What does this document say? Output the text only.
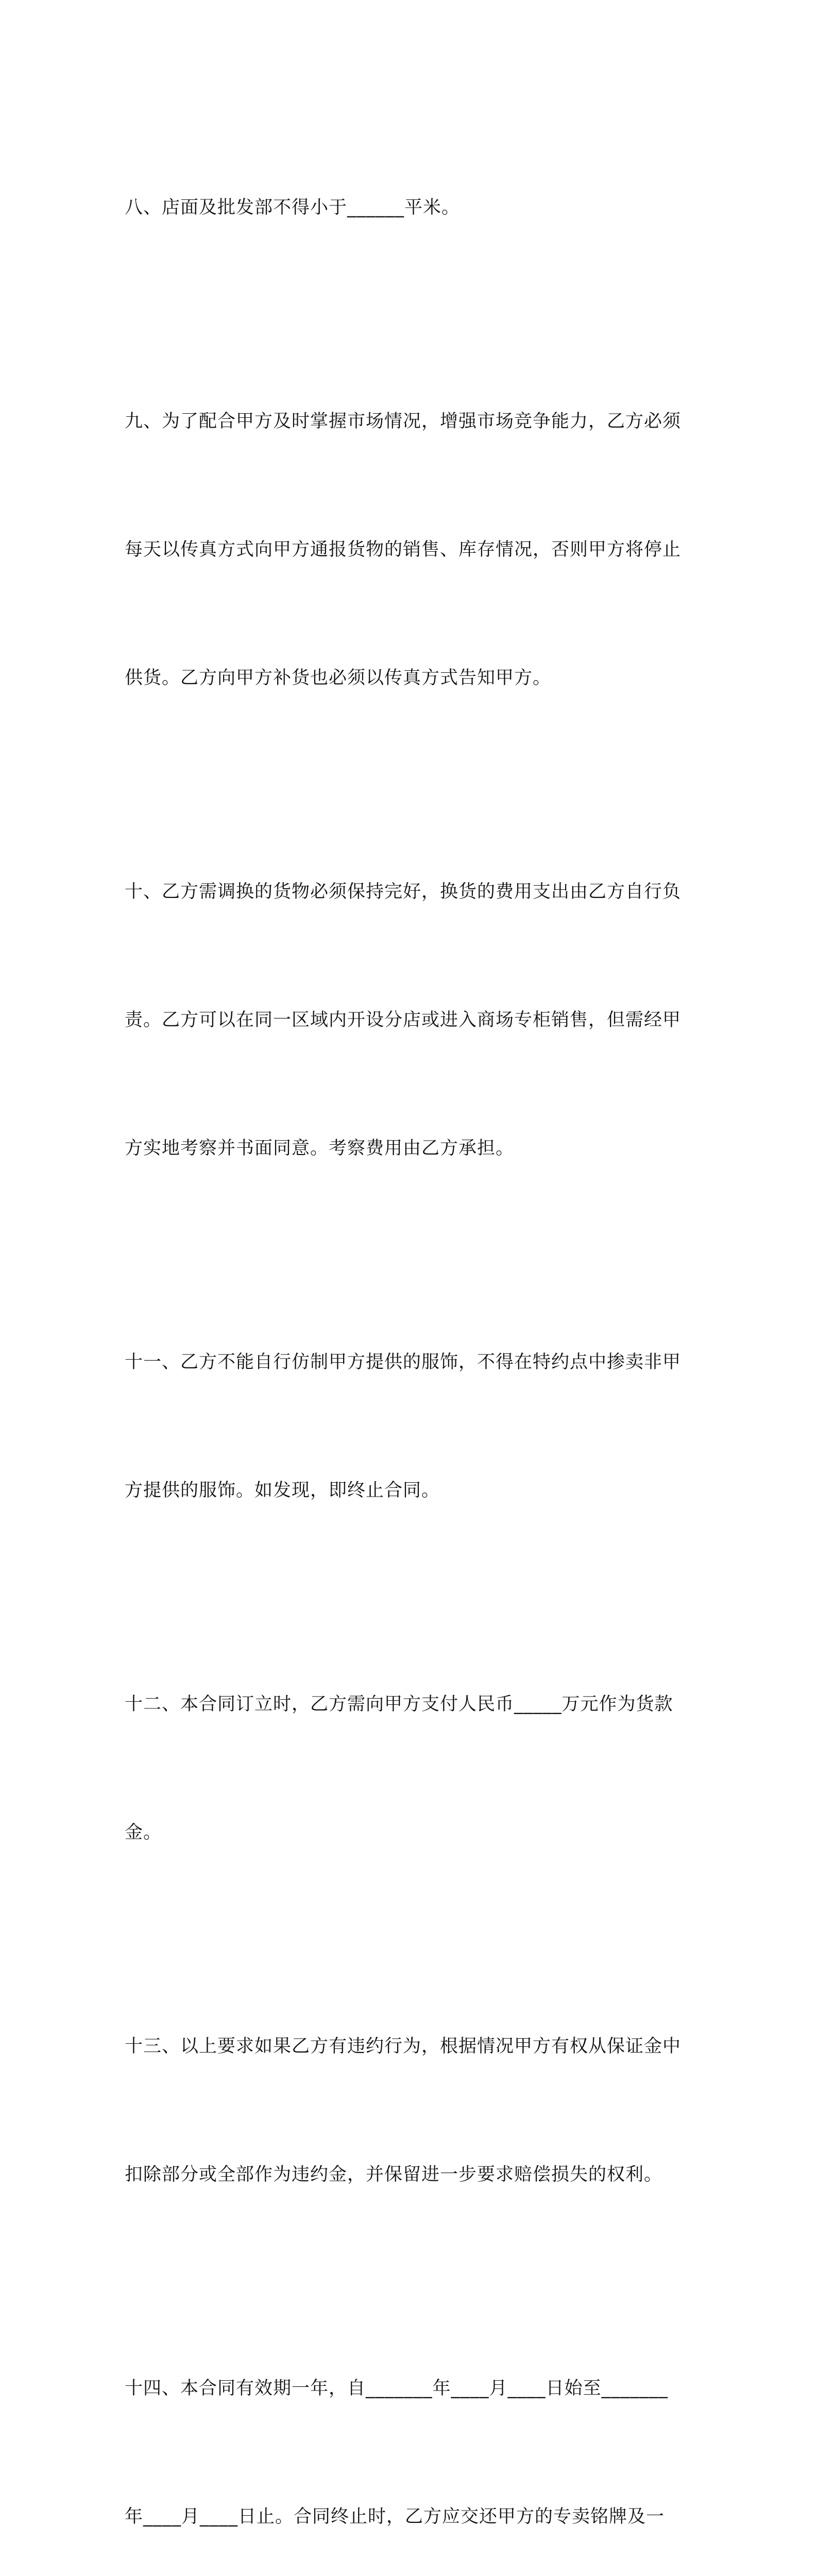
八、店面及批发部不得小于______平米。

九、为了配合甲方及时掌握市场情况，增强市场竞争能力，乙方必须

每天以传真方式向甲方通报货物的销售、库存情况，否则甲方将停止

供货。乙方向甲方补货也必须以传真方式告知甲方。

十、乙方需调换的货物必须保持完好，换货的费用支出由乙方自行负

责。乙方可以在同一区域内开设分店或进入商场专柜销售，但需经甲

方实地考察并书面同意。考察费用由乙方承担。

十一、乙方不能自行仿制甲方提供的服饰，不得在特约点中掺卖非甲

方提供的服饰。如发现，即终止合同。

十二、本合同订立时，乙方需向甲方支付人民币_____万元作为货款

金。

十三、以上要求如果乙方有违约行为，根据情况甲方有权从保证金中

扣除部分或全部作为违约金，并保留进一步要求赔偿损失的权利。

十四、本合同有效期一年，自_______年____月____日始至_______

年____月____日止。合同终止时，乙方应交还甲方的专卖铭牌及一
